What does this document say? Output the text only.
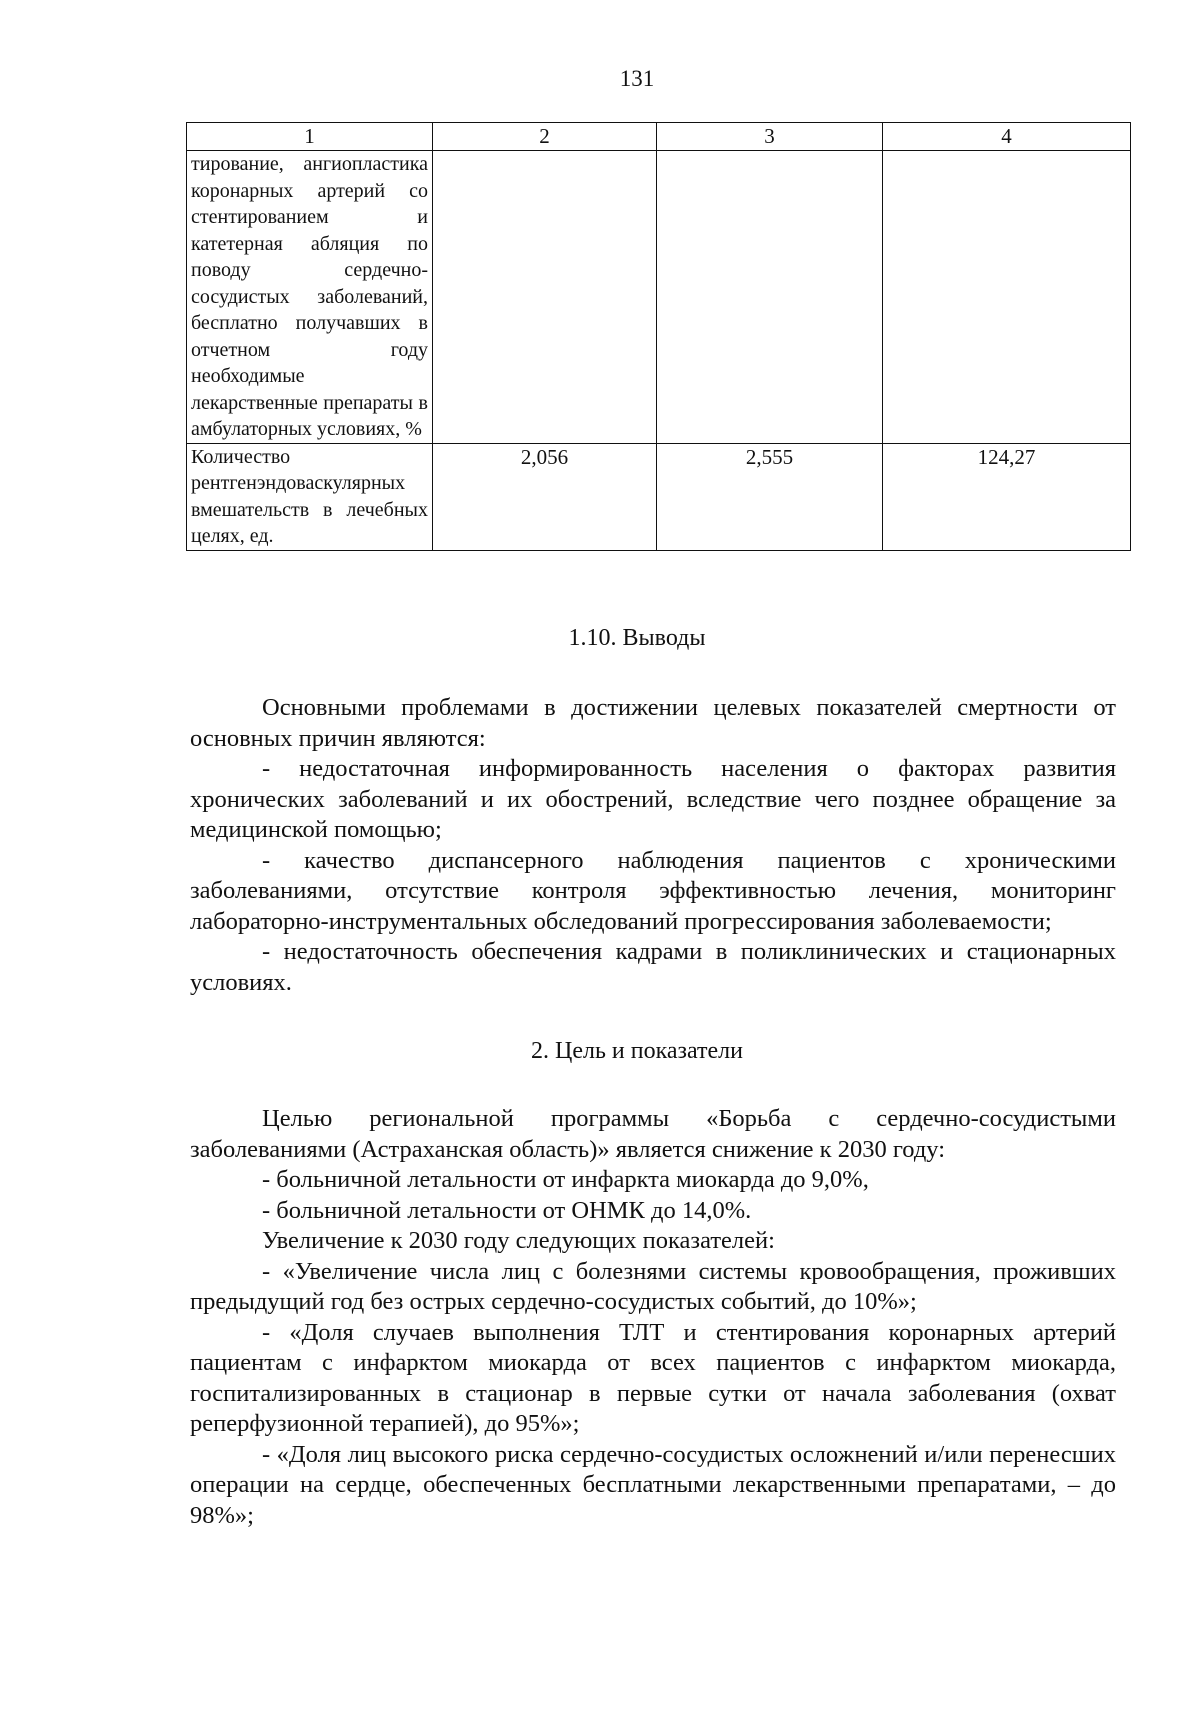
131
1	2	3	4
тирование, ангиопластика коронарных артерий со стентированием и катетерная абляция по поводу сердечно-сосудистых заболеваний, бесплатно получавших в отчетном году необходимые лекарственные препараты в амбулаторных условиях, %			
Количество рентгенэндоваскулярных вмешательств в лечебных целях, ед.	2,056	2,555	124,27
1.10. Выводы

Основными проблемами в достижении целевых показателей смертности от основных причин являются:

- недостаточная информированность населения о факторах развития хронических заболеваний и их обострений, вследствие чего позднее обращение за медицинской помощью;

- качество диспансерного наблюдения пациентов с хроническими заболеваниями, отсутствие контроля эффективностью лечения, мониторинг лабораторно-инструментальных обследований прогрессирования заболеваемости;

- недостаточность обеспечения кадрами в поликлинических и стационарных условиях.

2. Цель и показатели

Целью региональной программы «Борьба с сердечно-сосудистыми заболеваниями (Астраханская область)» является снижение к 2030 году:

- больничной летальности от инфаркта миокарда до 9,0%,

- больничной летальности от ОНМК до 14,0%.

Увеличение к 2030 году следующих показателей:

- «Увеличение числа лиц с болезнями системы кровообращения, проживших предыдущий год без острых сердечно-сосудистых событий, до 10%»;

- «Доля случаев выполнения ТЛТ и стентирования коронарных артерий пациентам с инфарктом миокарда от всех пациентов с инфарктом миокарда, госпитализированных в стационар в первые сутки от начала заболевания (охват реперфузионной терапией), до 95%»;

- «Доля лиц высокого риска сердечно-сосудистых осложнений и/или перенесших операции на сердце, обеспеченных бесплатными лекарственными препаратами, – до 98%»;
